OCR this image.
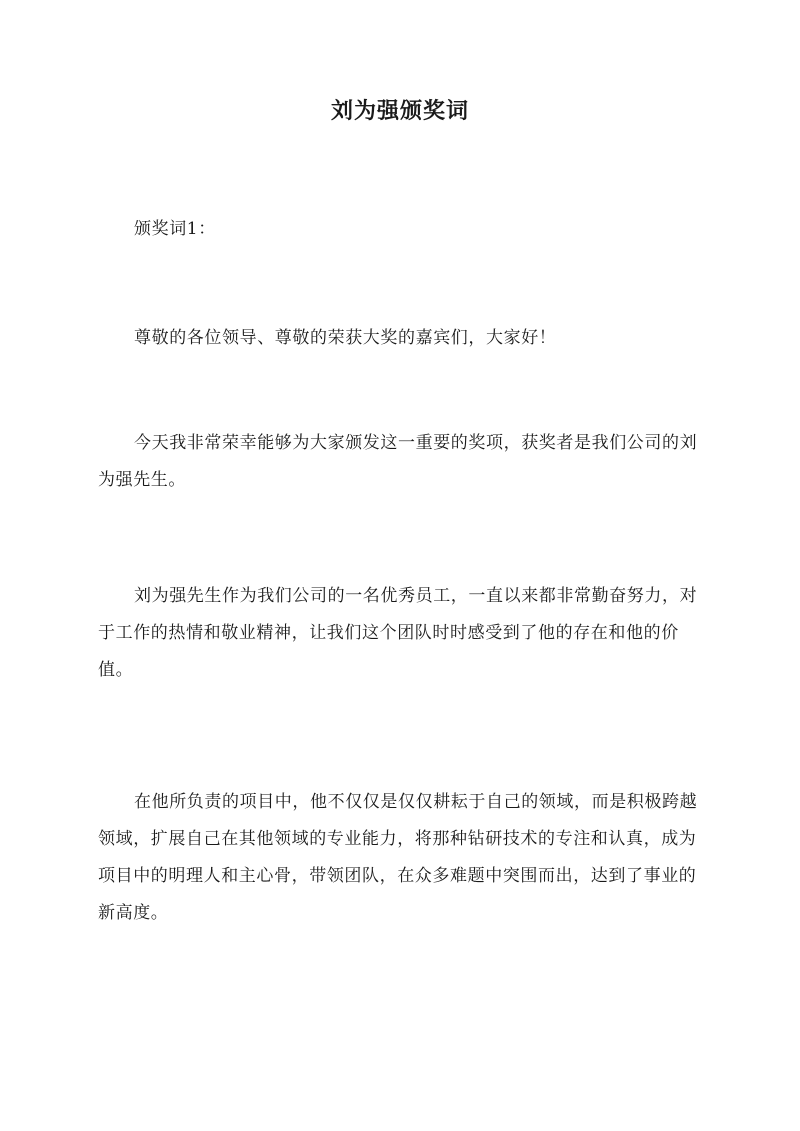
刘为强颁奖词

颁奖词1：

尊敬的各位领导、尊敬的荣获大奖的嘉宾们，大家好！

今天我非常荣幸能够为大家颁发这一重要的奖项，获奖者是我们公司的刘为强先生。

刘为强先生作为我们公司的一名优秀员工，一直以来都非常勤奋努力，对于工作的热情和敬业精神，让我们这个团队时时感受到了他的存在和他的价值。

在他所负责的项目中，他不仅仅是仅仅耕耘于自己的领域，而是积极跨越领域，扩展自己在其他领域的专业能力，将那种钻研技术的专注和认真，成为项目中的明理人和主心骨，带领团队，在众多难题中突围而出，达到了事业的新高度。
